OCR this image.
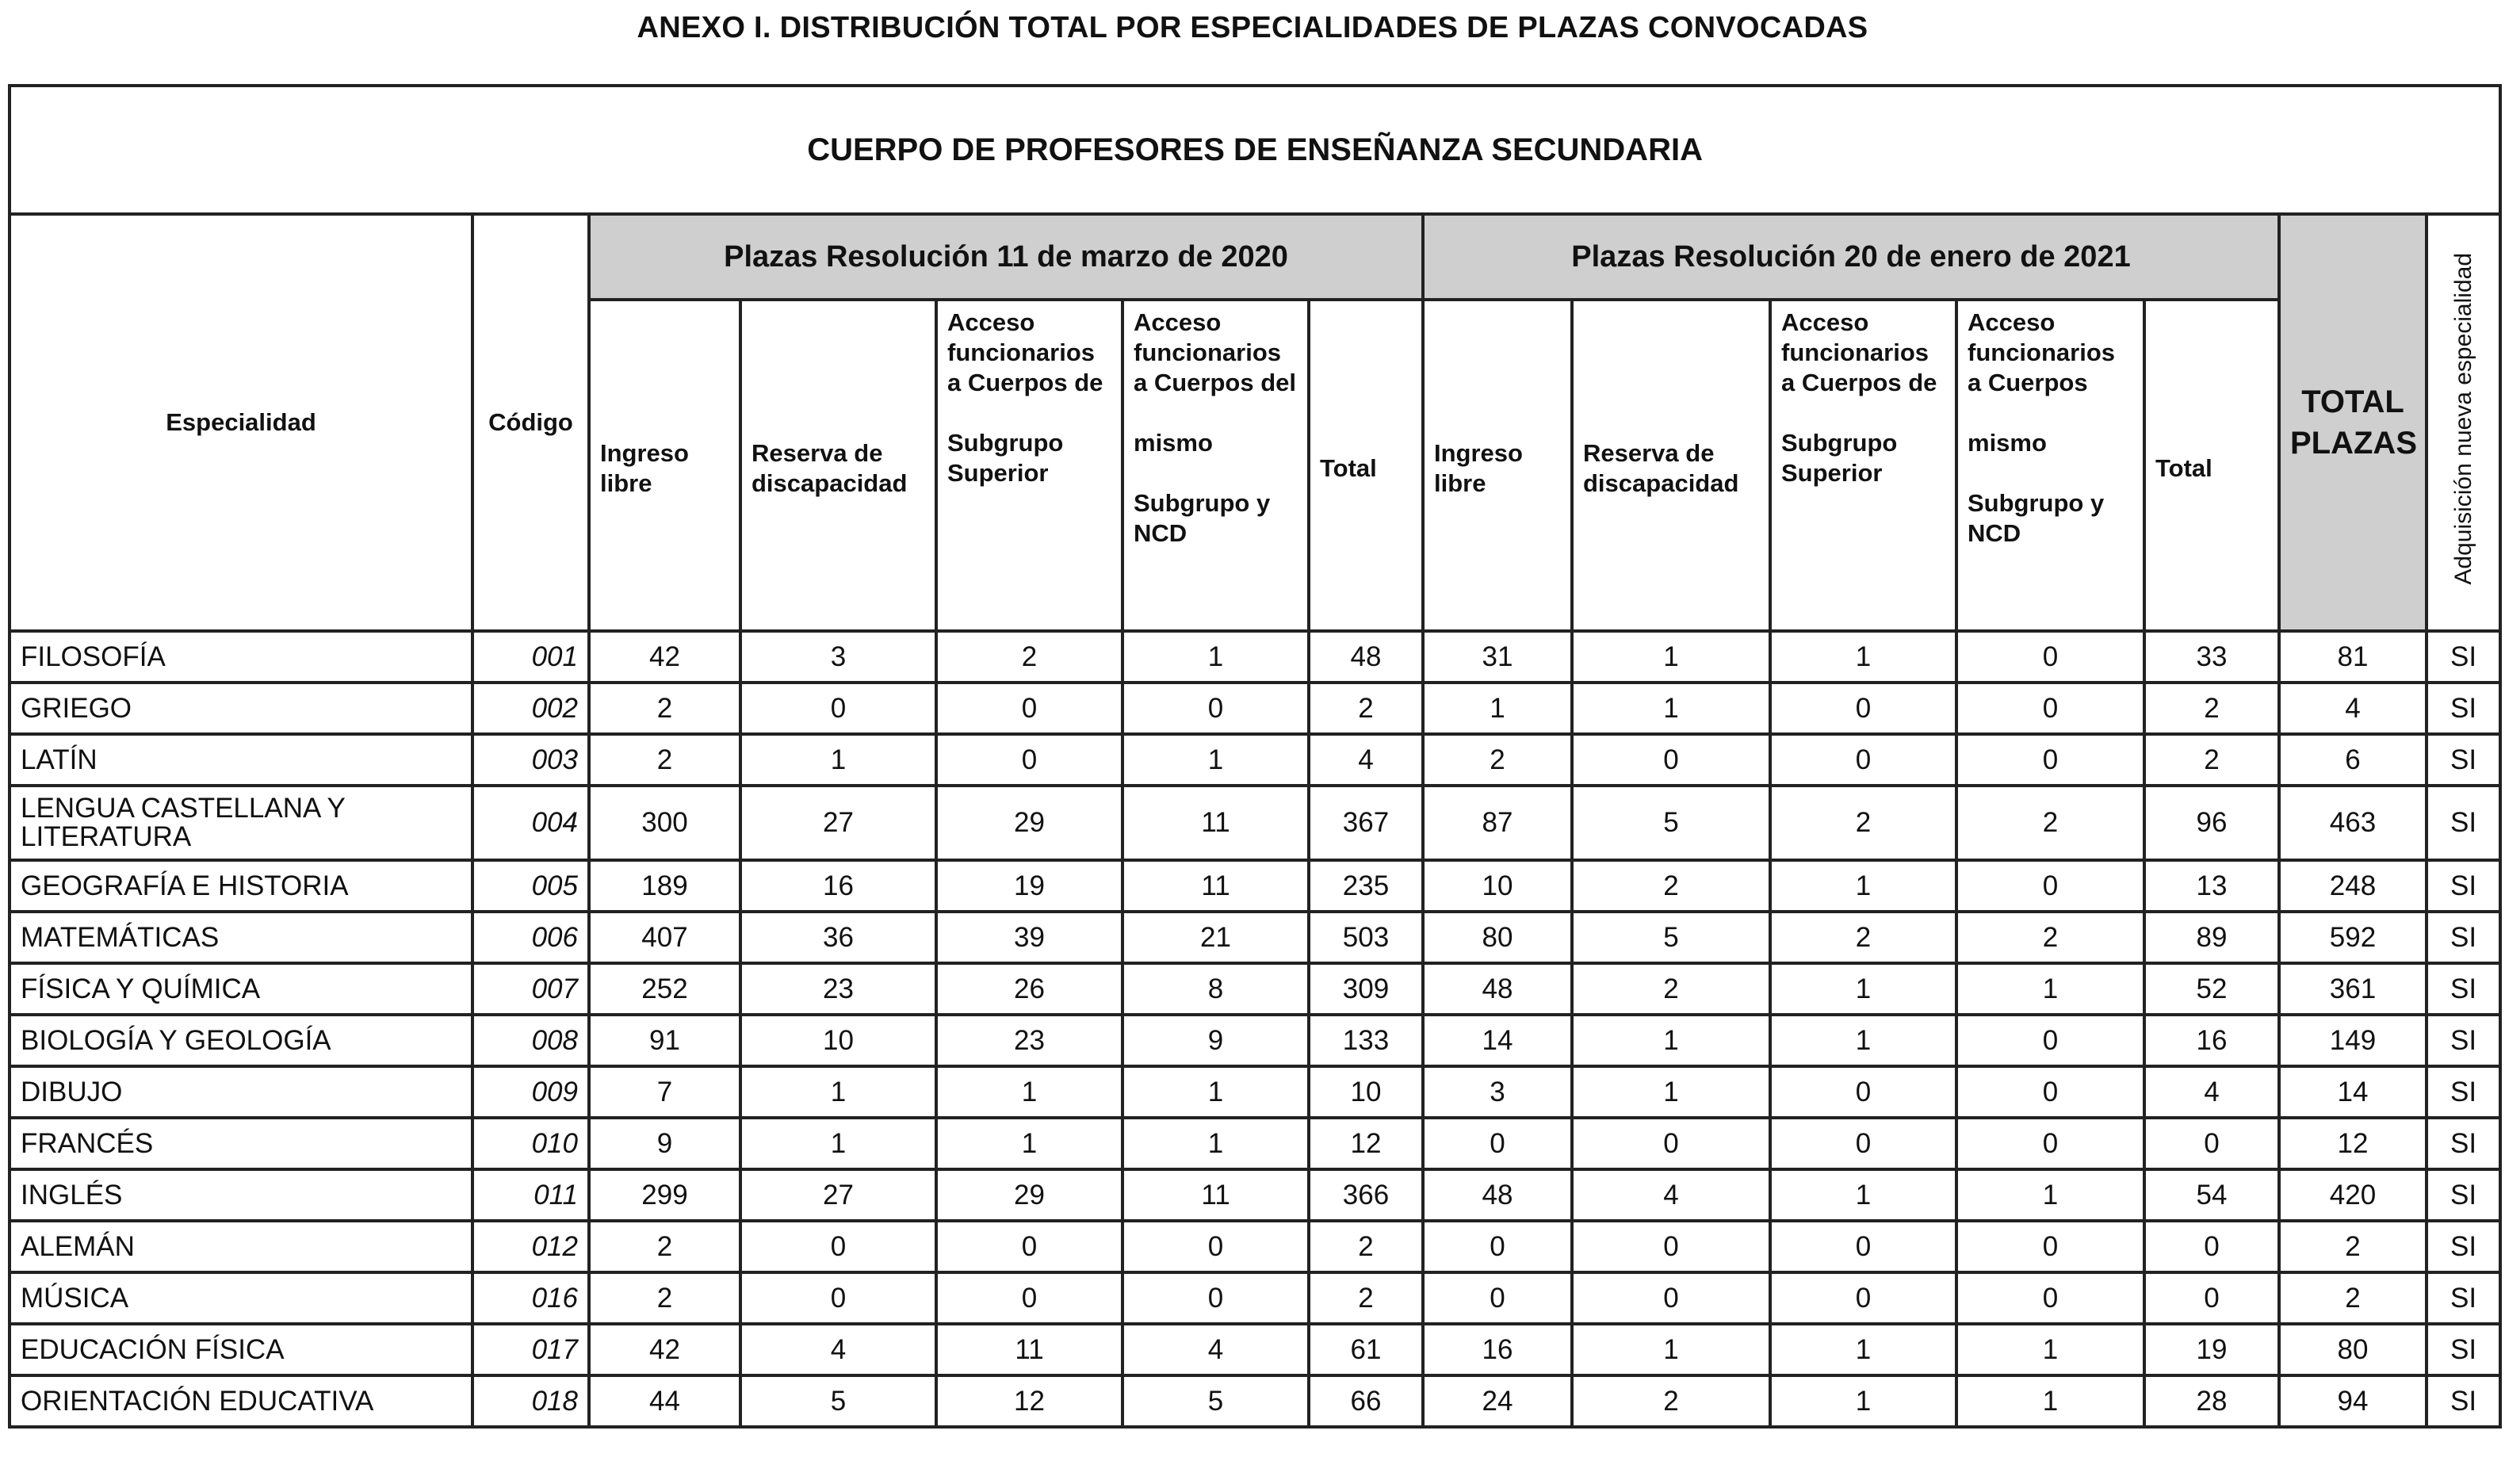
ANEXO I. DISTRIBUCIÓN TOTAL POR ESPECIALIDADES DE PLAZAS CONVOCADAS
CUERPO DE PROFESORES DE ENSEÑANZA SECUNDARIA													
Especialidad	Código	Plazas Resolución 11 de marzo de 2020					Plazas Resolución 20 de enero de 2021					TOTAL PLAZAS	Adquisición nueva especialidad
		Ingreso libre	Reserva de discapacidad	Acceso funcionarios
a Cuerpos de
Subgrupo Superior	Acceso funcionarios
a Cuerpos del
mismo
Subgrupo y NCD	Total	Ingreso libre	Reserva de discapacidad	Acceso funcionarios
a Cuerpos de
Subgrupo Superior	Acceso funcionarios
a Cuerpos
mismo
Subgrupo y NCD	Total		
FILOSOFÍA	001	42	3	2	1	48	31	1	1	0	33	81	SI
GRIEGO	002	2	0	0	0	2	1	1	0	0	2	4	SI
LATÍN	003	2	1	0	1	4	2	0	0	0	2	6	SI
LENGUA CASTELLANA Y LITERATURA	004	300	27	29	11	367	87	5	2	2	96	463	SI
GEOGRAFÍA E HISTORIA	005	189	16	19	11	235	10	2	1	0	13	248	SI
MATEMÁTICAS	006	407	36	39	21	503	80	5	2	2	89	592	SI
FÍSICA Y QUÍMICA	007	252	23	26	8	309	48	2	1	1	52	361	SI
BIOLOGÍA Y GEOLOGÍA	008	91	10	23	9	133	14	1	1	0	16	149	SI
DIBUJO	009	7	1	1	1	10	3	1	0	0	4	14	SI
FRANCÉS	010	9	1	1	1	12	0	0	0	0	0	12	SI
INGLÉS	011	299	27	29	11	366	48	4	1	1	54	420	SI
ALEMÁN	012	2	0	0	0	2	0	0	0	0	0	2	SI
MÚSICA	016	2	0	0	0	2	0	0	0	0	0	2	SI
EDUCACIÓN FÍSICA	017	42	4	11	4	61	16	1	1	1	19	80	SI
ORIENTACIÓN EDUCATIVA	018	44	5	12	5	66	24	2	1	1	28	94	SI
